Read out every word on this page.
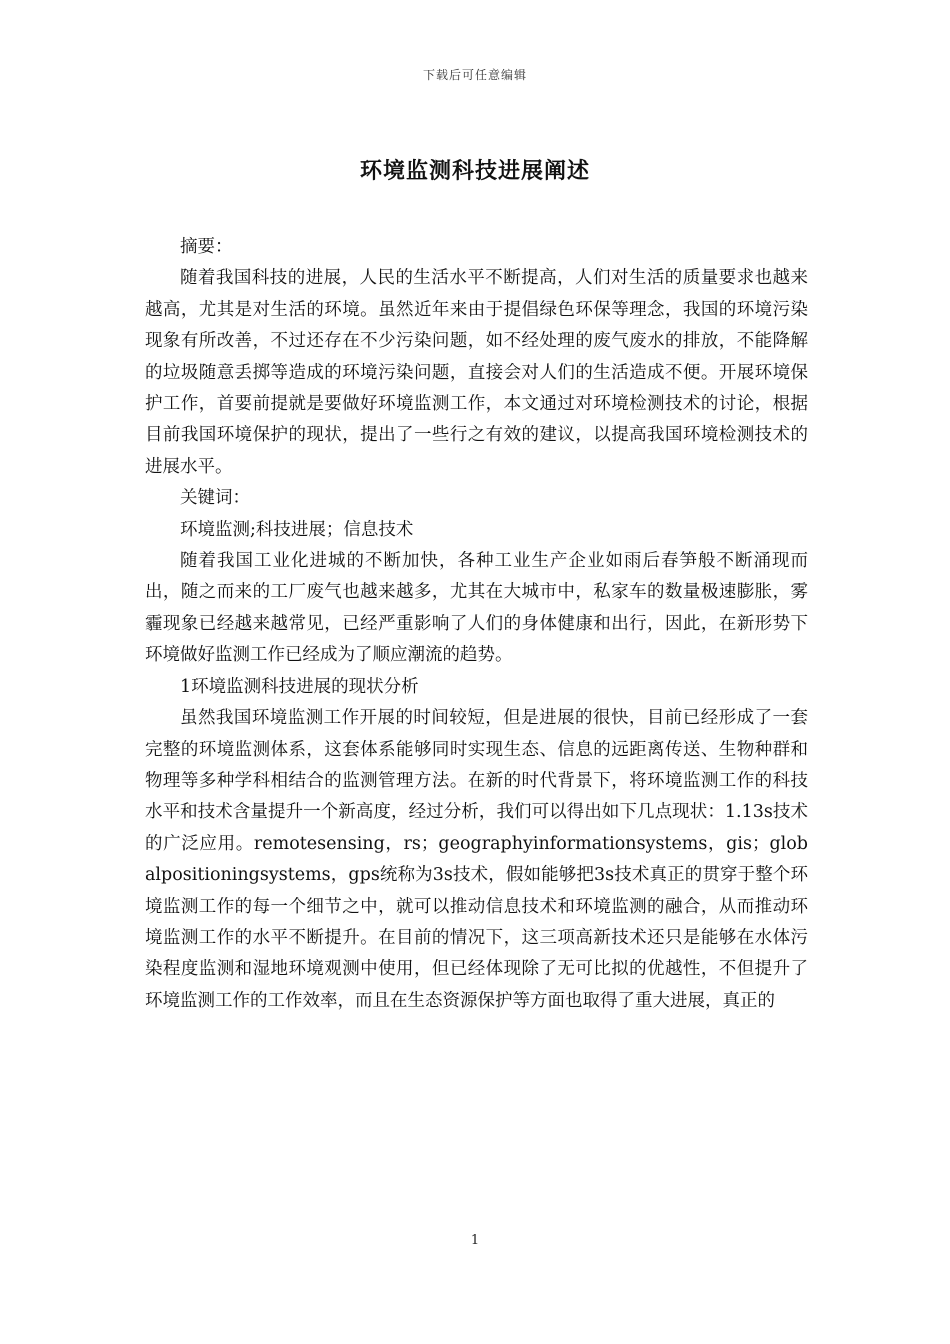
下载后可任意编辑
环境监测科技进展阐述

摘要：

随着我国科技的进展，人民的生活水平不断提高，人们对生活的质量要求也越来越高，尤其是对生活的环境。虽然近年来由于提倡绿色环保等理念，我国的环境污染现象有所改善，不过还存在不少污染问题，如不经处理的废气废水的排放，不能降解的垃圾随意丢掷等造成的环境污染问题，直接会对人们的生活造成不便。开展环境保护工作，首要前提就是要做好环境监测工作，本文通过对环境检测技术的讨论，根据目前我国环境保护的现状，提出了一些行之有效的建议，以提高我国环境检测技术的进展水平。

关键词：

环境监测;科技进展；信息技术

随着我国工业化进城的不断加快，各种工业生产企业如雨后春笋般不断涌现而出，随之而来的工厂废气也越来越多，尤其在大城市中，私家车的数量极速膨胀，雾霾现象已经越来越常见，已经严重影响了人们的身体健康和出行，因此，在新形势下环境做好监测工作已经成为了顺应潮流的趋势。

1环境监测科技进展的现状分析

虽然我国环境监测工作开展的时间较短，但是进展的很快，目前已经形成了一套完整的环境监测体系，这套体系能够同时实现生态、信息的远距离传送、生物种群和物理等多种学科相结合的监测管理方法。在新的时代背景下，将环境监测工作的科技水平和技术含量提升一个新高度，经过分析，我们可以得出如下几点现状：1.13s技术的广泛应用。remotesensing，rs；geographyinformationsystems，gis；globalpositioningsystems，gps统称为3s技术，假如能够把3s技术真正的贯穿于整个环境监测工作的每一个细节之中，就可以推动信息技术和环境监测的融合，从而推动环境监测工作的水平不断提升。在目前的情况下，这三项高新技术还只是能够在水体污染程度监测和湿地环境观测中使用，但已经体现除了无可比拟的优越性，不但提升了环境监测工作的工作效率，而且在生态资源保护等方面也取得了重大进展，真正的

1
